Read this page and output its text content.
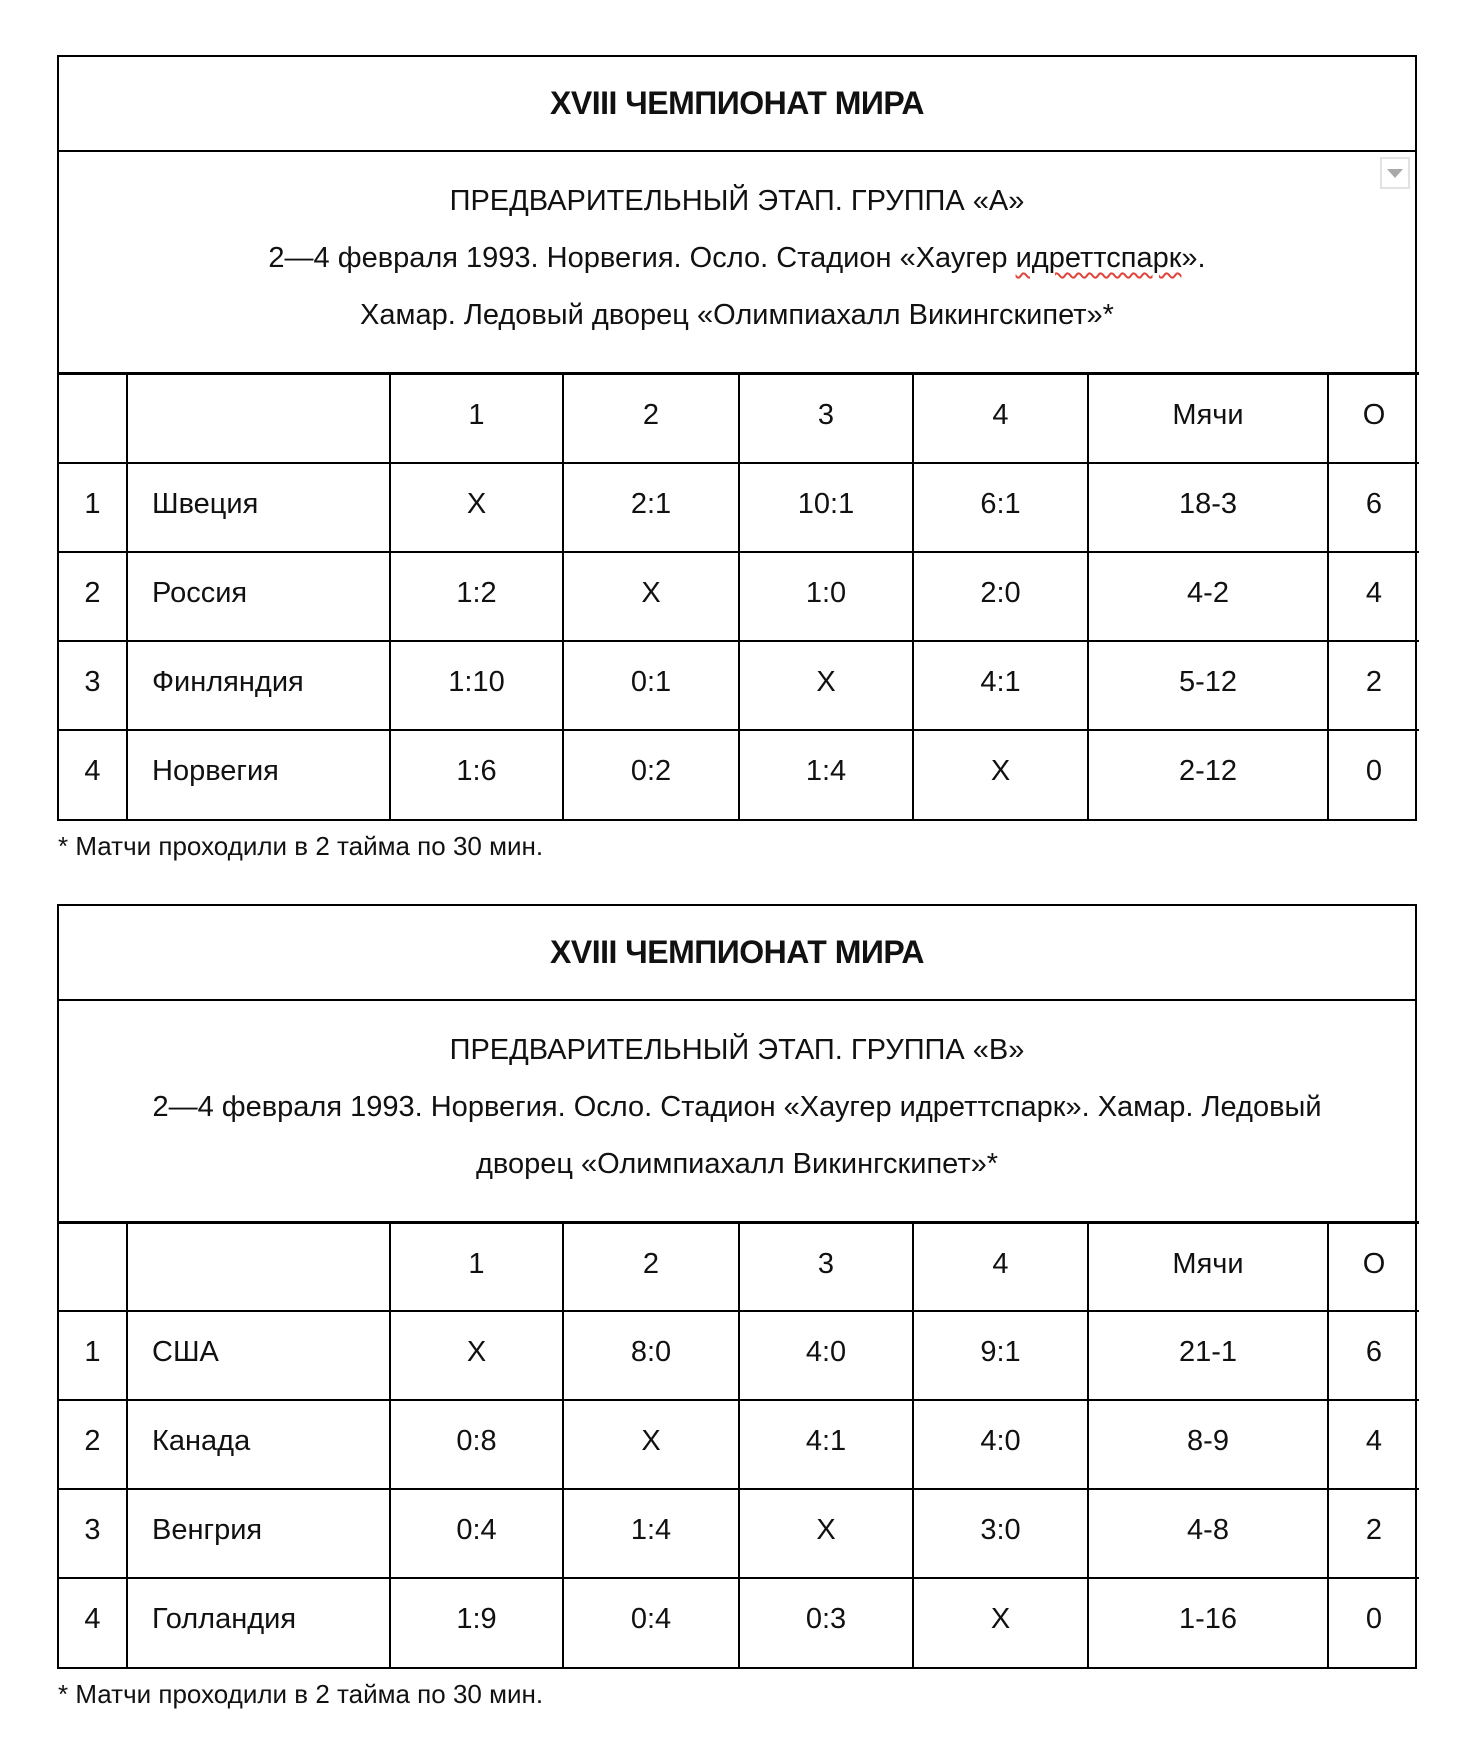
XVIII ЧЕМПИОНАТ МИРА
ПРЕДВАРИТЕЛЬНЫЙ ЭТАП. ГРУППА «А»
2—4 февраля 1993. Норвегия. Осло. Стадион «Хаугер идреттспарк».
Хамар. Ледовый дворец «Олимпиахалл Викингскипет»*
		1	2	3	4	Мячи	О
1	Швеция	X	2:1	10:1	6:1	18-3	6
2	Россия	1:2	X	1:0	2:0	4-2	4
3	Финляндия	1:10	0:1	X	4:1	5-12	2
4	Норвегия	1:6	0:2	1:4	X	2-12	0
* Матчи проходили в 2 тайма по 30 мин.
XVIII ЧЕМПИОНАТ МИРА
ПРЕДВАРИТЕЛЬНЫЙ ЭТАП. ГРУППА «В»
2—4 февраля 1993. Норвегия. Осло. Стадион «Хаугер идреттспарк». Хамар. Ледовый
дворец «Олимпиахалл Викингскипет»*
		1	2	3	4	Мячи	О
1	США	X	8:0	4:0	9:1	21-1	6
2	Канада	0:8	X	4:1	4:0	8-9	4
3	Венгрия	0:4	1:4	X	3:0	4-8	2
4	Голландия	1:9	0:4	0:3	X	1-16	0
* Матчи проходили в 2 тайма по 30 мин.
